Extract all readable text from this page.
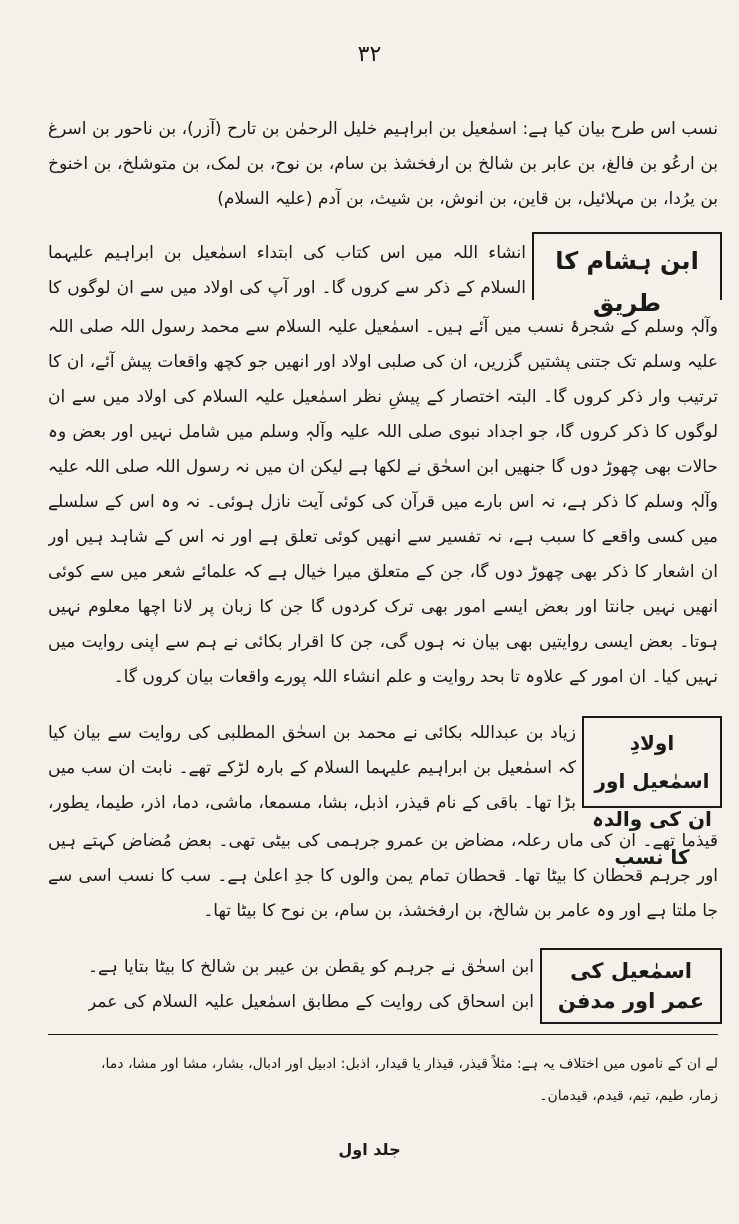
۳۲
نسب اس طرح بیان کیا ہے: اسمٰعیل بن ابراہیم خلیل الرحمٰن بن تارح (آزر)، بن ناحور بن اسرغ بن ارعُو بن فالغ، بن عابر بن شالخ بن ارفخشذ بن سام، بن نوح، بن لمک، بن متوشلخ، بن اخنوخ بن یرُدا، بن مہلائیل، بن قاین، بن انوش، بن شیث، بن آدم (علیہ السلام)
ابن ہشام کا طریق
انشاء اللہ میں اس کتاب کی ابتداء اسمٰعیل بن ابراہیم علیہما السلام کے ذکر سے کروں گا۔ اور آپ کی اولاد میں سے ان لوگوں کا
وآلہٖ وسلم کے شجرۂ نسب میں آئے ہیں۔ اسمٰعیل علیہ السلام سے محمد رسول اللہ صلی اللہ علیہ وسلم تک جتنی پشتیں گزریں، ان کی صلبی اولاد اور انھیں جو کچھ واقعات پیش آئے، ان کا ترتیب وار ذکر کروں گا۔ البتہ اختصار کے پیشِ نظر اسمٰعیل علیہ السلام کی اولاد میں سے ان لوگوں کا ذکر کروں گا، جو اجداد نبوی صلی اللہ علیہ وآلہٖ وسلم میں شامل نہیں اور بعض وہ حالات بھی چھوڑ دوں گا جنھیں ابن اسحٰق نے لکھا ہے لیکن ان میں نہ رسول اللہ صلی اللہ علیہ وآلہٖ وسلم کا ذکر ہے، نہ اس بارے میں قرآن کی کوئی آیت نازل ہوئی۔ نہ وہ اس کے سلسلے میں کسی واقعے کا سبب ہے، نہ تفسیر سے انھیں کوئی تعلق ہے اور نہ اس کے شاہد ہیں اور ان اشعار کا ذکر بھی چھوڑ دوں گا، جن کے متعلق میرا خیال ہے کہ علمائے شعر میں سے کوئی انھیں نہیں جانتا اور بعض ایسے امور بھی ترک کردوں گا جن کا زبان پر لانا اچھا معلوم نہیں ہوتا۔ بعض ایسی روایتیں بھی بیان نہ ہوں گی، جن کا اقرار بکائی نے ہم سے اپنی روایت میں نہیں کیا۔ ان امور کے علاوہ تا بحد روایت و علم انشاء اللہ پورے واقعات بیان کروں گا۔
اولادِ اسمٰعیل اور ان کی والدہ کا نسب
زیاد بن عبداللہ بکائی نے محمد بن اسحٰق المطلبی کی روایت سے بیان کیا کہ اسمٰعیل بن ابراہیم علیہما السلام کے بارہ لڑکے تھے۔ نابت ان سب میں بڑا تھا۔ باقی کے نام قیذر، اذبل، بشا، مسمعا، ماشی، دما، اذر، طیما، یطور،
قیذما تھے۔ ان کی ماں رعلہ، مضاض بن عمرو جرہمی کی بیٹی تھی۔ بعض مُضاض کہتے ہیں اور جرہم قحطان کا بیٹا تھا۔ قحطان تمام یمن والوں کا جدِ اعلیٰ ہے۔ سب کا نسب اسی سے جا ملتا ہے اور وہ عامر بن شالخ، بن ارفخشذ، بن سام، بن نوح کا بیٹا تھا۔
اسمٰعیل کی عمر اور مدفن
ابن اسحٰق نے جرہم کو یقطن بن عیبر بن شالخ کا بیٹا بتایا ہے۔ ابن اسحاق کی روایت کے مطابق اسمٰعیل علیہ السلام کی عمر
لے ان کے ناموں میں اختلاف یہ ہے: مثلاً قیذر، قیذار یا قیدار، اذبل: ادبیل اور ادبال، بشار، مشا اور مشا، دما،
زمار، طیم، تیم، قیدم، قیدمان۔
جلد اول
